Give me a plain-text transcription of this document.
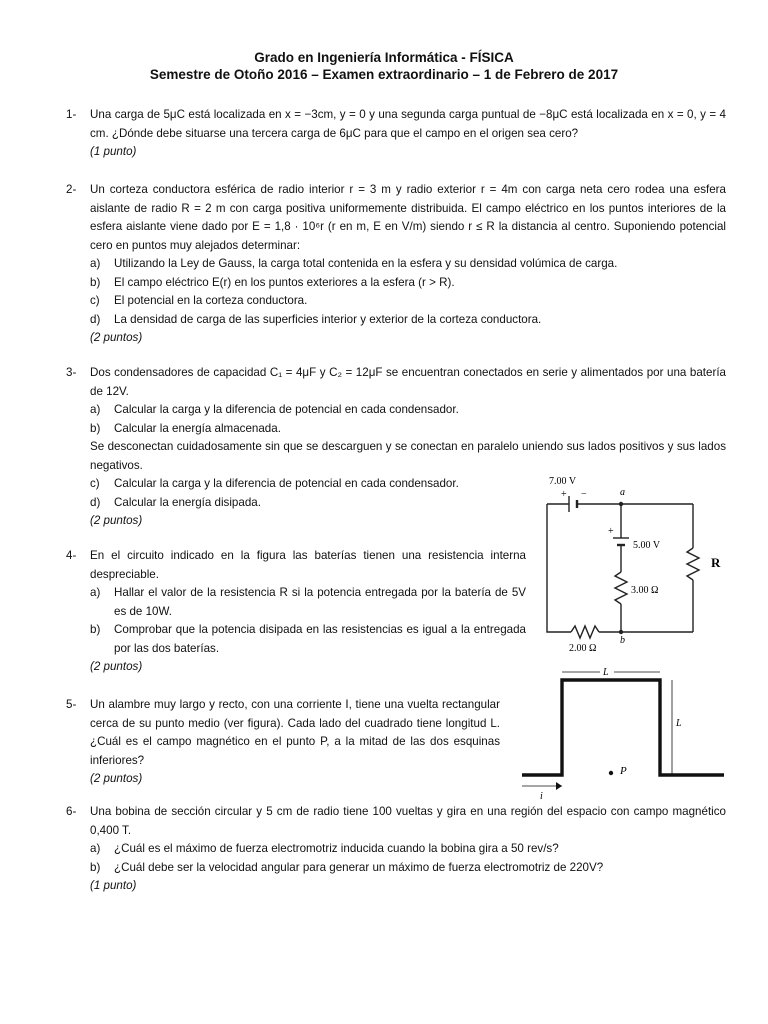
Grado en Ingeniería Informática - FÍSICA
Semestre de Otoño 2016 – Examen extraordinario – 1 de Febrero de 2017
1- Una carga de 5μC está localizada en x = −3cm, y = 0 y una segunda carga puntual de −8μC está localizada en x = 0, y = 4 cm. ¿Dónde debe situarse una tercera carga de 6μC para que el campo en el origen sea cero?

(1 punto)
2- Un corteza conductora esférica de radio interior r = 3 m y radio exterior r = 4m con carga neta cero rodea una esfera aislante de radio R = 2 m con carga positiva uniformemente distribuida. El campo eléctrico en los puntos interiores de la esfera aislante viene dado por E = 1,8 · 10⁶r (r en m, E en V/m) siendo r ≤ R la distancia al centro. Suponiendo potencial cero en puntos muy alejados determinar:

a)	Utilizando la Ley de Gauss, la carga total contenida en la esfera y su densidad volúmica de carga.
b)	El campo eléctrico E(r) en los puntos exteriores a la esfera (r > R).
c)	El potencial en la corteza conductora.
d)	La densidad de carga de las superficies interior y exterior de la corteza conductora.
(2 puntos)
3- Dos condensadores de capacidad C₁ = 4μF y C₂ = 12μF se encuentran conectados en serie y alimentados por una batería de 12V.

a)	Calcular la carga y la diferencia de potencial en cada condensador.
b)	Calcular la energía almacenada.

Se desconectan cuidadosamente sin que se descarguen y se conectan en paralelo uniendo sus lados positivos y sus lados negativos.

c)	Calcular la carga y la diferencia de potencial en cada condensador.
d)	Calcular la energía disipada.
(2 puntos)
4- En el circuito indicado en la figura las baterías tienen una resistencia interna despreciable.

a)	Hallar el valor de la resistencia R si la potencia entregada por la batería de 5V es de 10W.
b)	Comprobar que la potencia disipada en las resistencias es igual a la entregada por las dos baterías.
(2 puntos)
5- Un alambre muy largo y recto, con una corriente I, tiene una vuelta rectangular cerca de su punto medio (ver figura). Cada lado del cuadrado tiene longitud L. ¿Cuál es el campo magnético en el punto P, a la mitad de las dos esquinas inferiores?

(2 puntos)
6- Una bobina de sección circular y 5 cm de radio tiene 100 vueltas y gira en una región del espacio con campo magnético 0,400 T.

a)	¿Cuál es el máximo de fuerza electromotriz inducida cuando la bobina gira a 50 rev/s?
b)	¿Cuál debe ser la velocidad angular para generar un máximo de fuerza electromotriz de 220V?
(1 punto)
7.00 V
+ −	a
+
5.00 V
3.00 Ω
b
2.00 Ω
R
L
L
P
i
